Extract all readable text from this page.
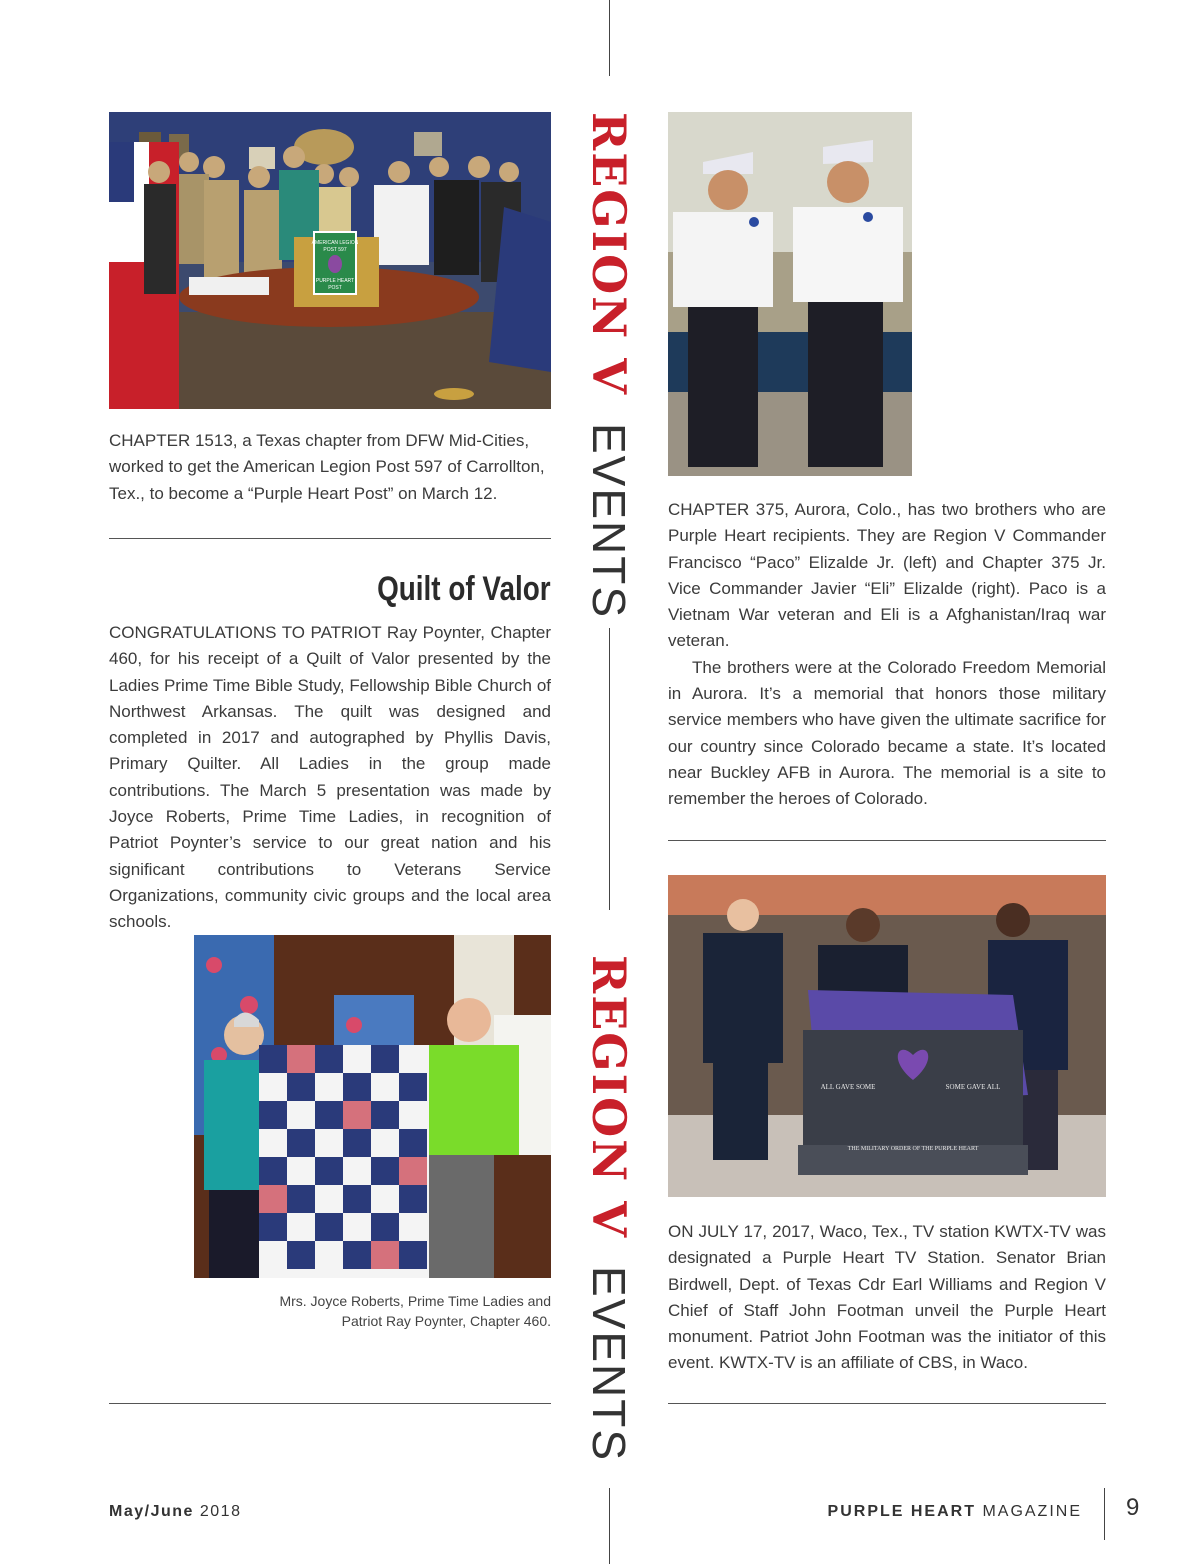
REGION V EVENTS
REGION V EVENTS
AMERICAN LEGION
POST 597
PURPLE HEART
POST

CHAPTER 1513, a Texas chapter from DFW Mid-Cities, worked to get the American Legion Post 597 of Carrollton, Tex., to become a “Purple Heart Post” on March 12.

Quilt of Valor

CONGRATULATIONS TO PATRIOT Ray Poynter, Chapter 460, for his receipt of a Quilt of Valor presented by the Ladies Prime Time Bible Study, Fellowship Bible Church of Northwest Arkansas. The quilt was designed and completed in 2017 and autographed by Phyllis Davis, Primary Quilter. All Ladies in the group made contributions. The March 5 presentation was made by Joyce Roberts, Prime Time Ladies, in recognition of Patriot Poynter’s service to our great nation and his significant contributions to Veterans Service Organizations, community civic groups and the local area schools.

Mrs. Joyce Roberts, Prime Time Ladies and
Patriot Ray Poynter, Chapter 460.

CHAPTER 375, Aurora, Colo., has two brothers who are Purple Heart recipients. They are Region V Commander Francisco “Paco” Elizalde Jr. (left) and Chapter 375 Jr. Vice Commander Javier “Eli” Elizalde (right). Paco is a Vietnam War veteran and Eli is a Afghanistan/Iraq war veteran.

The brothers were at the Colorado Freedom Memorial in Aurora. It’s a memorial that honors those military service members who have given the ultimate sacrifice for our country since Colorado became a state. It’s located near Buckley AFB in Aurora. The memorial is a site to remember the heroes of Colorado.

ALL GAVE SOME	SOME GAVE ALL
THE MILITARY ORDER OF THE PURPLE HEART

ON JULY 17, 2017, Waco, Tex., TV station KWTX-TV was designated a Purple Heart TV Station. Senator Brian Birdwell, Dept. of Texas Cdr Earl Williams and Region V Chief of Staff John Footman unveil the Purple Heart monument. Patriot John Footman was the initiator of this event. KWTX-TV is an affiliate of CBS, in Waco.

May/June 2018	PURPLE HEART MAGAZINE 9
